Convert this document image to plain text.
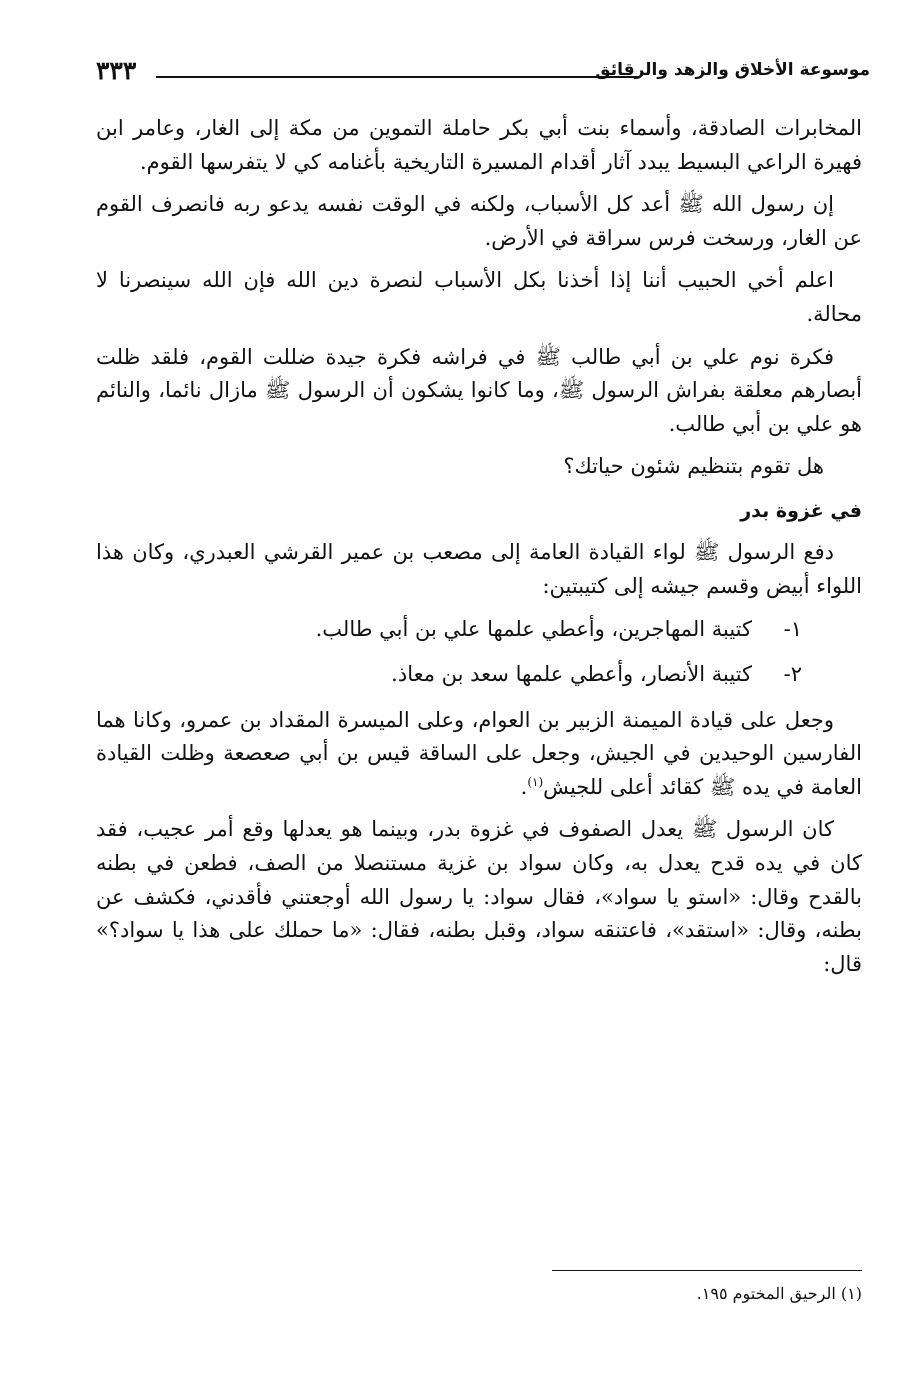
موسوعة الأخلاق والزهد والرقائق
٣٣٣

المخابرات الصادقة، وأسماء بنت أبي بكر حاملة التموين من مكة إلى الغار، وعامر ابن فهيرة الراعي البسيط يبدد آثار أقدام المسيرة التاريخية بأغنامه كي لا يتفرسها القوم.

إن رسول الله ﷺ أعد كل الأسباب، ولكنه في الوقت نفسه يدعو ربه فانصرف القوم عن الغار، ورسخت فرس سراقة في الأرض.

اعلم أخي الحبيب أننا إذا أخذنا بكل الأسباب لنصرة دين الله فإن الله سينصرنا لا محالة.

فكرة نوم علي بن أبي طالب ﷺ في فراشه فكرة جيدة ضللت القوم، فلقد ظلت أبصارهم معلقة بفراش الرسول ﷺ، وما كانوا يشكون أن الرسول ﷺ مازال نائما، والنائم هو علي بن أبي طالب.

هل تقوم بتنظيم شئون حياتك؟

في غزوة بدر

دفع الرسول ﷺ لواء القيادة العامة إلى مصعب بن عمير القرشي العبدري، وكان هذا اللواء أبيض وقسم جيشه إلى كتيبتين:

١-
كتيبة المهاجرين، وأعطي علمها علي بن أبي طالب.
٢-
كتيبة الأنصار، وأعطي علمها سعد بن معاذ.

وجعل على قيادة الميمنة الزبير بن العوام، وعلى الميسرة المقداد بن عمرو، وكانا هما الفارسين الوحيدين في الجيش، وجعل على الساقة قيس بن أبي صعصعة وظلت القيادة العامة في يده ﷺ كقائد أعلى للجيش$^{(١)}$.

كان الرسول ﷺ يعدل الصفوف في غزوة بدر، وبينما هو يعدلها وقع أمر عجيب، فقد كان في يده قدح يعدل به، وكان سواد بن غزية مستنصلا من الصف، فطعن في بطنه بالقدح وقال: «استو يا سواد»، فقال سواد: يا رسول الله أوجعتني فأقدني، فكشف عن بطنه، وقال: «استقد»، فاعتنقه سواد، وقبل بطنه، فقال: «ما حملك على هذا يا سواد؟» قال:

(١) الرحيق المختوم ١٩٥.
